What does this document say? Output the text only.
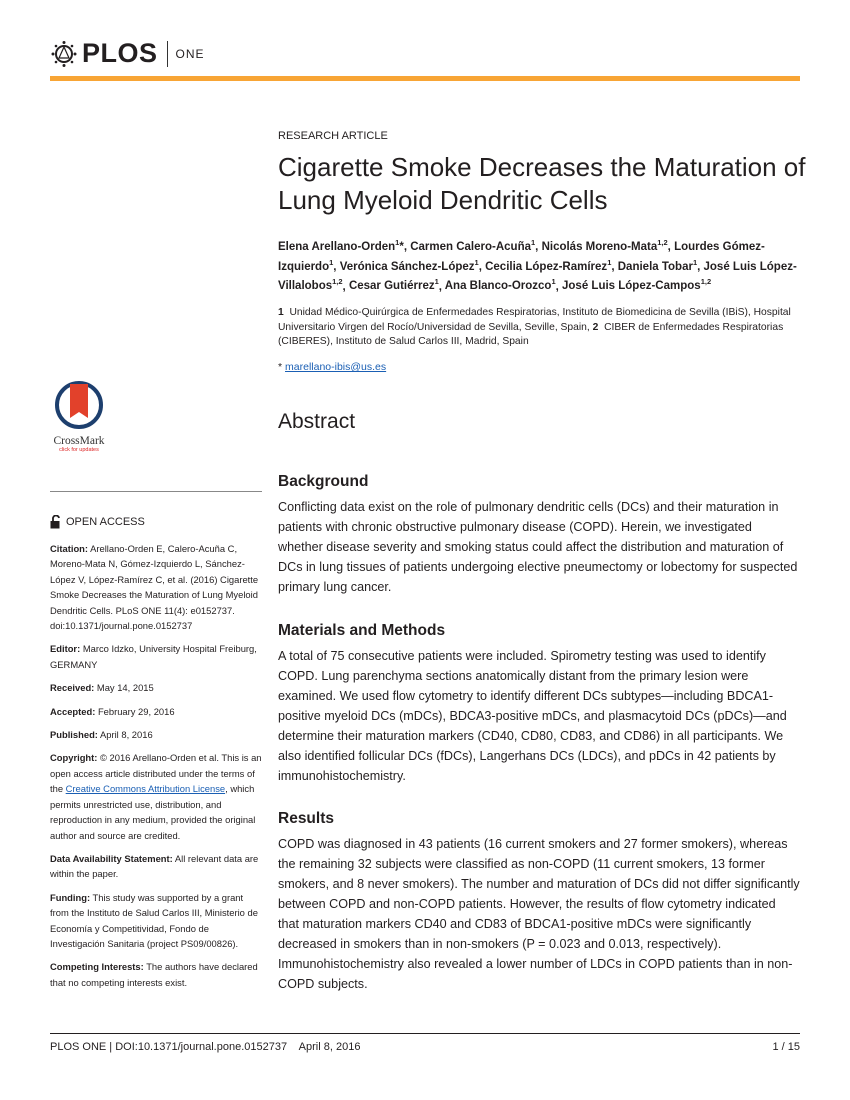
PLOS ONE
RESEARCH ARTICLE
Cigarette Smoke Decreases the Maturation of Lung Myeloid Dendritic Cells
Elena Arellano-Orden$^1$*, Carmen Calero-Acuña$^1$, Nicolás Moreno-Mata$^{1,2}$, Lourdes Gómez-Izquierdo$^1$, Verónica Sánchez-López$^1$, Cecilia López-Ramírez$^1$, Daniela Tobar$^1$, José Luis López-Villalobos$^{1,2}$, Cesar Gutiérrez$^1$, Ana Blanco-Orozco$^1$, José Luis López-Campos$^{1,2}$
1 Unidad Médico-Quirúrgica de Enfermedades Respiratorias, Instituto de Biomedicina de Sevilla (IBiS), Hospital Universitario Virgen del Rocío/Universidad de Sevilla, Seville, Spain, 2 CIBER de Enfermedades Respiratorias (CIBERES), Instituto de Salud Carlos III, Madrid, Spain
* marellano-ibis@us.es
CrossMark
click for updates
Abstract
Background

Conflicting data exist on the role of pulmonary dendritic cells (DCs) and their maturation in patients with chronic obstructive pulmonary disease (COPD). Herein, we investigated whether disease severity and smoking status could affect the distribution and maturation of DCs in lung tissues of patients undergoing elective pneumectomy or lobectomy for suspected primary lung cancer.

Materials and Methods

A total of 75 consecutive patients were included. Spirometry testing was used to identify COPD. Lung parenchyma sections anatomically distant from the primary lesion were examined. We used flow cytometry to identify different DCs subtypes—including BDCA1-positive myeloid DCs (mDCs), BDCA3-positive mDCs, and plasmacytoid DCs (pDCs)—and determine their maturation markers (CD40, CD80, CD83, and CD86) in all participants. We also identified follicular DCs (fDCs), Langerhans DCs (LDCs), and pDCs in 42 patients by immunohistochemistry.

Results

COPD was diagnosed in 43 patients (16 current smokers and 27 former smokers), whereas the remaining 32 subjects were classified as non-COPD (11 current smokers, 13 former smokers, and 8 never smokers). The number and maturation of DCs did not differ significantly between COPD and non-COPD patients. However, the results of flow cytometry indicated that maturation markers CD40 and CD83 of BDCA1-positive mDCs were significantly decreased in smokers than in non-smokers (P = 0.023 and 0.013, respectively). Immunohistochemistry also revealed a lower number of LDCs in COPD patients than in non-COPD subjects.

OPEN ACCESS

Citation: Arellano-Orden E, Calero-Acuña C, Moreno-Mata N, Gómez-Izquierdo L, Sánchez-López V, López-Ramírez C, et al. (2016) Cigarette Smoke Decreases the Maturation of Lung Myeloid Dendritic Cells. PLoS ONE 11(4): e0152737. doi:10.1371/journal.pone.0152737

Editor: Marco Idzko, University Hospital Freiburg, GERMANY

Received: May 14, 2015

Accepted: February 29, 2016

Published: April 8, 2016

Copyright: © 2016 Arellano-Orden et al. This is an open access article distributed under the terms of the Creative Commons Attribution License, which permits unrestricted use, distribution, and reproduction in any medium, provided the original author and source are credited.

Data Availability Statement: All relevant data are within the paper.

Funding: This study was supported by a grant from the Instituto de Salud Carlos III, Ministerio de Economía y Competitividad, Fondo de Investigación Sanitaria (project PS09/00826).

Competing Interests: The authors have declared that no competing interests exist.

PLOS ONE | DOI:10.1371/journal.pone.0152737    April 8, 2016	1 / 15
